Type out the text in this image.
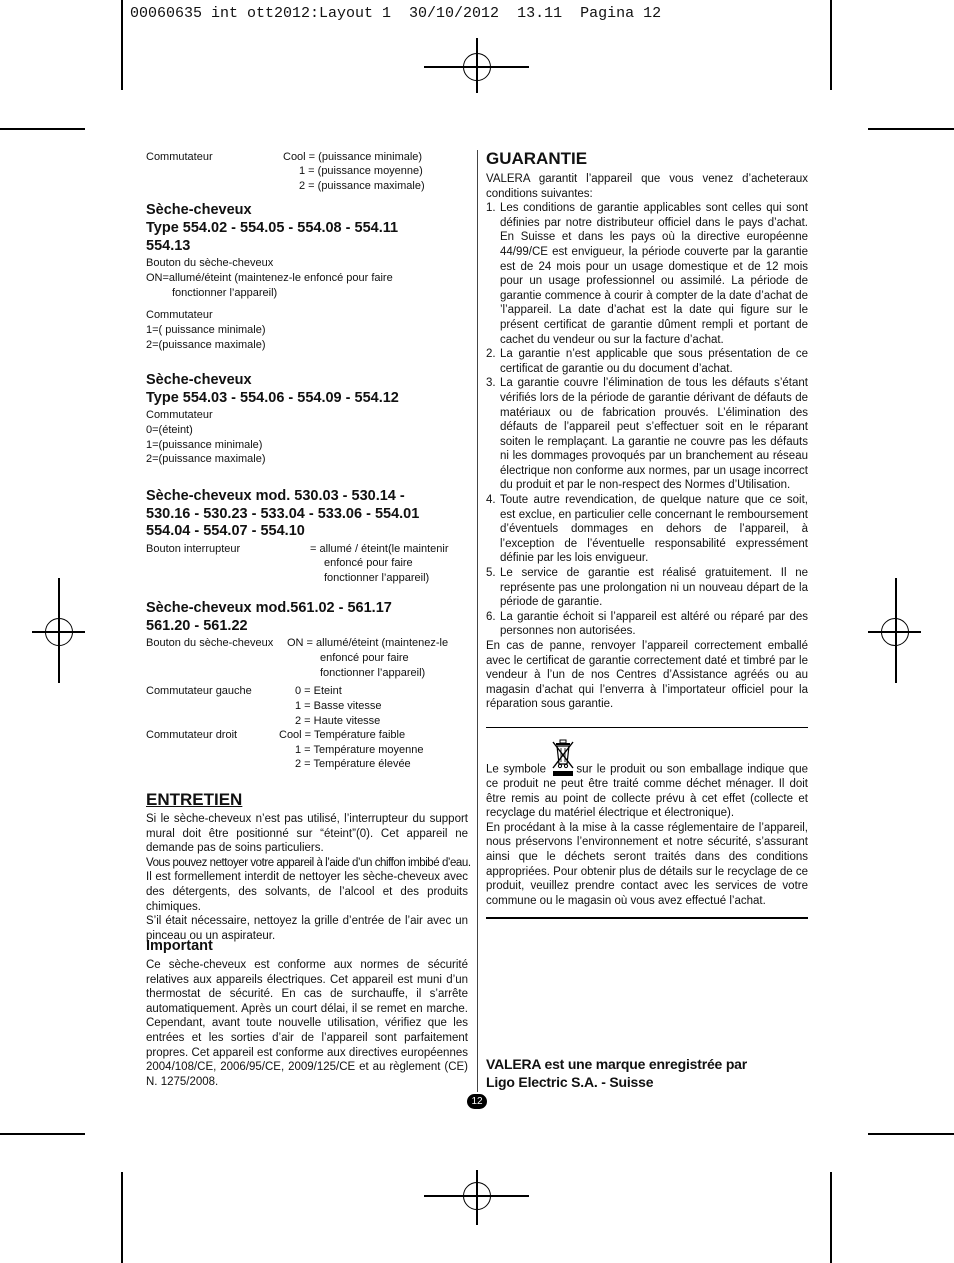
00060635 int ott2012:Layout 1  30/10/2012  13.11  Pagina 12
Commutateur	Cool = (puissance minimale)
1 = (puissance moyenne)
2 = (puissance maximale)
Sèche-cheveux
Type 554.02 - 554.05 - 554.08 - 554.11
554.13
Bouton du sèche-cheveux
ON=allumé/éteint (maintenez-le enfoncé pour faire
fonctionner l’appareil)
Commutateur
1=( puissance minimale)
2=(puissance maximale)
Sèche-cheveux
Type 554.03 - 554.06 - 554.09 - 554.12
Commutateur
0=(éteint)
1=(puissance minimale)
2=(puissance maximale)
Sèche-cheveux mod. 530.03 - 530.14 -
530.16 - 530.23 - 533.04 - 533.06 - 554.01
554.04 - 554.07 - 554.10
Bouton interrupteur	= allumé / éteint(le maintenir
enfoncé pour faire
fonctionner l’appareil)
Sèche-cheveux mod.561.02 - 561.17
561.20 - 561.22
Bouton du sèche-cheveux ON = allumé/éteint (maintenez-le
enfoncé pour faire
fonctionner l’appareil)
Commutateur gauche	0 = Eteint
1 = Basse vitesse
2 = Haute vitesse
Commutateur droit	Cool = Température faible
1 = Température moyenne
2 = Température élevée
ENTRETIEN

Si le sèche-cheveux n’est pas utilisé, l’interrupteur du support mural doit être positionné sur “éteint”(0). Cet appareil ne demande pas de soins particuliers.

Vous pouvez nettoyer votre appareil à l’aide d’un chiffon imbibé d’eau.

Il est formellement interdit de nettoyer les sèche-cheveux avec des détergents, des solvants, de l’alcool et des produits chimiques.

S’il était nécessaire, nettoyez la grille d’entrée de l’air avec un pinceau ou un aspirateur.

Important
Ce sèche-cheveux est conforme aux normes de sécurité relatives aux appareils électriques. Cet appareil est muni d’un thermostat de sécurité. En cas de surchauffe, il s’arrête automatiquement. Après un court délai, il se remet en marche. Cependant, avant toute nouvelle utilisation, vérifiez que les entrées et les sorties d’air de l’appareil sont parfaitement propres. Cet appareil est conforme aux directives européennes 2004/108/CE, 2006/95/CE, 2009/125/CE et au règlement (CE) N. 1275/2008.
GUARANTIE

VALERA garantit l’appareil que vous venez d’acheteraux conditions suivantes:

1. Les conditions de garantie applicables sont celles qui sont définies par notre distributeur officiel dans le pays d’achat. En Suisse et dans les pays où la directive européenne 44/99/CE est envigueur, la période couverte par la garantie est de 24 mois pour un usage domestique et de 12 mois pour un usage professionnel ou assimilé. La période de garantie commence à courir à compter de la date d’achat de ’l’appareil. La date d’achat est la date qui figure sur le présent certificat de garantie dûment rempli et portant de cachet du vendeur ou sur la facture d’achat.
2. La garantie n’est applicable que sous présentation de ce certificat de garantie ou du document d’achat.
3. La garantie couvre l’élimination de tous les défauts s’étant vérifiés lors de la période de garantie dérivant de défauts de matériaux ou de fabrication prouvés. L’élimination des défauts de l’appareil peut s’effectuer soit en le réparant soiten le remplaçant. La garantie ne couvre pas les défauts ni les dommages provoqués par un branchement au réseau électrique non conforme aux normes, par un usage incorrect du produit et par le non-respect des Normes d’Utilisation.
4. Toute autre revendication, de quelque nature que ce soit, est exclue, en particulier celle concernant le remboursement d’éventuels dommages en dehors de l’appareil, à l’exception de l’éventuelle responsabilité expressément définie par les lois envigueur.
5. Le service de garantie est réalisé gratuitement. Il ne représente pas une prolongation ni un nouveau départ de la période de garantie.
6. La garantie échoit si l’appareil est altéré ou réparé par des personnes non autorisées.

En cas de panne, renvoyer l’appareil correctement emballé avec le certificat de garantie correctement daté et timbré par le vendeur à l’un de nos Centres d’Assistance agréés ou au magasin d’achat qui l’enverra à l’importateur officiel pour la réparation sous garantie.

Le symbole	sur le produit ou son emballage indique que ce produit ne peut être traité comme déchet ménager. Il doit être remis au point de collecte prévu à cet effet (collecte et recyclage du matériel électrique et électronique).

En procédant à la mise à la casse réglementaire de l’appareil, nous préservons l’environnement et notre sécurité, s’assurant ainsi que le déchets seront traités dans des conditions appropriées. Pour obtenir plus de détails sur le recyclage de ce produit, veuillez prendre contact avec les services de votre commune ou le magasin où vous avez effectué l’achat.

VALERA est une marque enregistrée par
Ligo Electric S.A. - Suisse
12
